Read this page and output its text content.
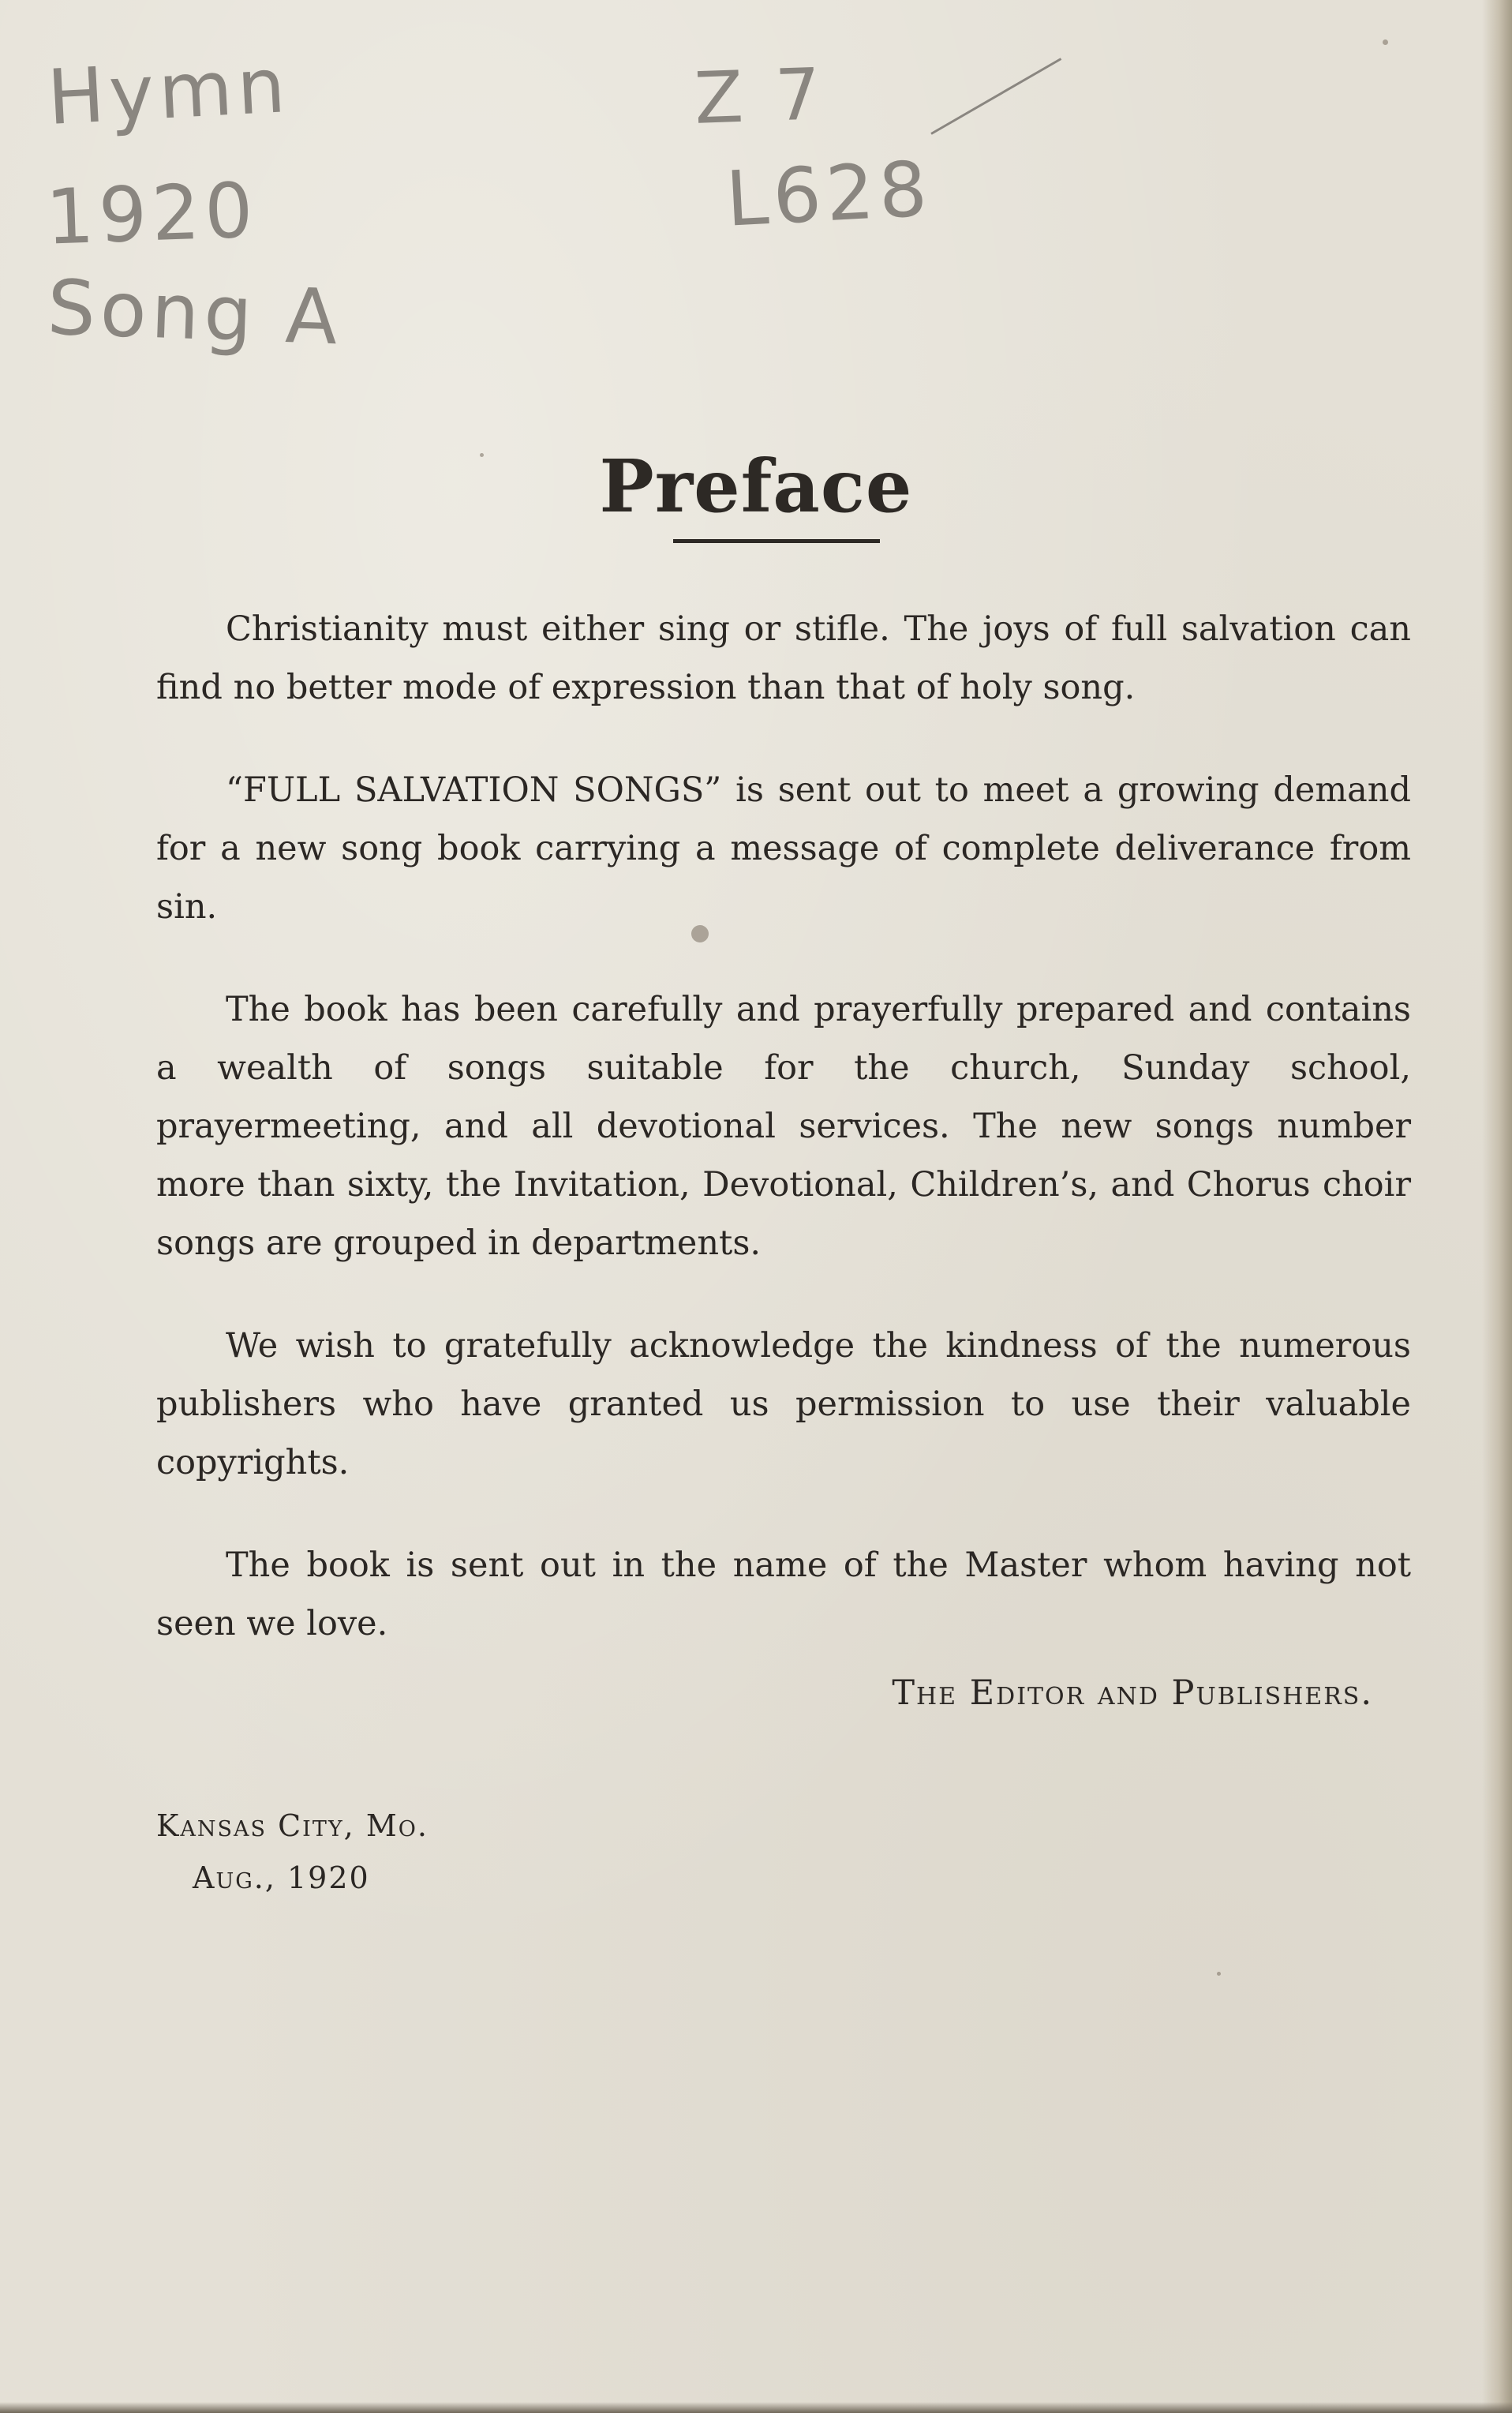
Hymn
1920
Song A
Z 7
L628
Preface

Christianity must either sing or stifle. The joys of full salvation can find no better mode of expression than that of holy song.

“FULL SALVATION SONGS” is sent out to meet a growing demand for a new song book carrying a message of complete deliverance from sin.

The book has been carefully and prayerfully prepared and contains a wealth of songs suitable for the church, Sunday school, prayermeeting, and all devotional services. The new songs number more than sixty, the Invitation, Devotional, Children’s, and Chorus choir songs are grouped in departments.

We wish to gratefully acknowledge the kindness of the numerous publishers who have granted us permission to use their valuable copyrights.

The book is sent out in the name of the Master whom having not seen we love.

The Editor and Publishers.
Kansas City, Mo.
Aug., 1920
